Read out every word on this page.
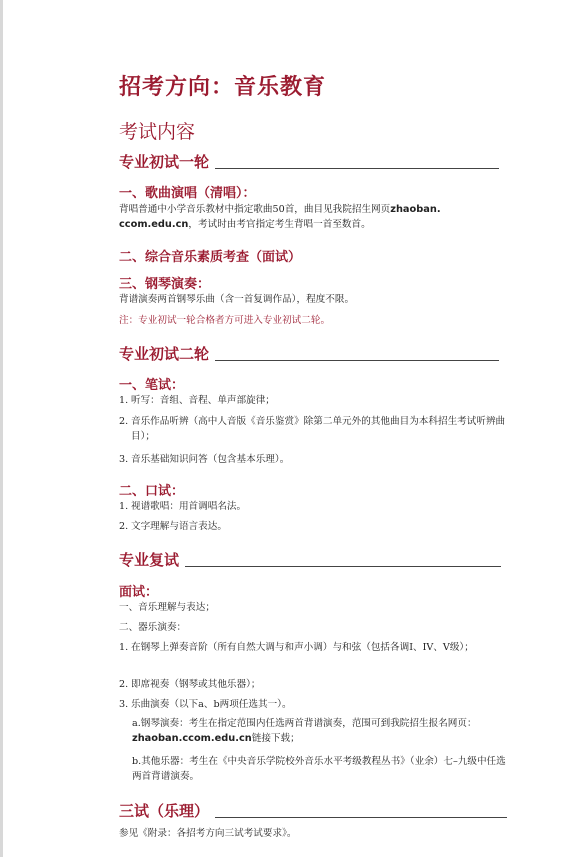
招考方向：音乐教育
考试内容
专业初试一轮
一、歌曲演唱（清唱）：
背唱普通中小学音乐教材中指定歌曲50首，曲目见我院招生网页zhaoban.
ccom.edu.cn，考试时由考官指定考生背唱一首至数首。
二、综合音乐素质考查（面试）
三、钢琴演奏：
背谱演奏两首钢琴乐曲（含一首复调作品），程度不限。
注：专业初试一轮合格者方可进入专业初试二轮。
专业初试二轮
一、笔试：
1. 听写：音组、音程、单声部旋律；
2. 音乐作品听辨（高中人音版《音乐鉴赏》除第二单元外的其他曲目为本科招生考试听辨曲目）；
3. 音乐基础知识问答（包含基本乐理）。
二、口试：
1. 视谱歌唱：用首调唱名法。
2. 文字理解与语言表达。
专业复试
面试：
一、音乐理解与表达；
二、器乐演奏：
1. 在钢琴上弹奏音阶（所有自然大调与和声小调）与和弦（包括各调I、IV、V级）；
2. 即席视奏（钢琴或其他乐器）；
3. 乐曲演奏（以下a、b两项任选其一）。
a.钢琴演奏：考生在指定范围内任选两首背谱演奏，范围可到我院招生报名网页：zhaoban.ccom.edu.cn链接下载；
b.其他乐器：考生在《中央音乐学院校外音乐水平考级教程丛书》（业余）七–九级中任选两首背谱演奏。
三试（乐理）
参见《附录：各招考方向三试考试要求》。
